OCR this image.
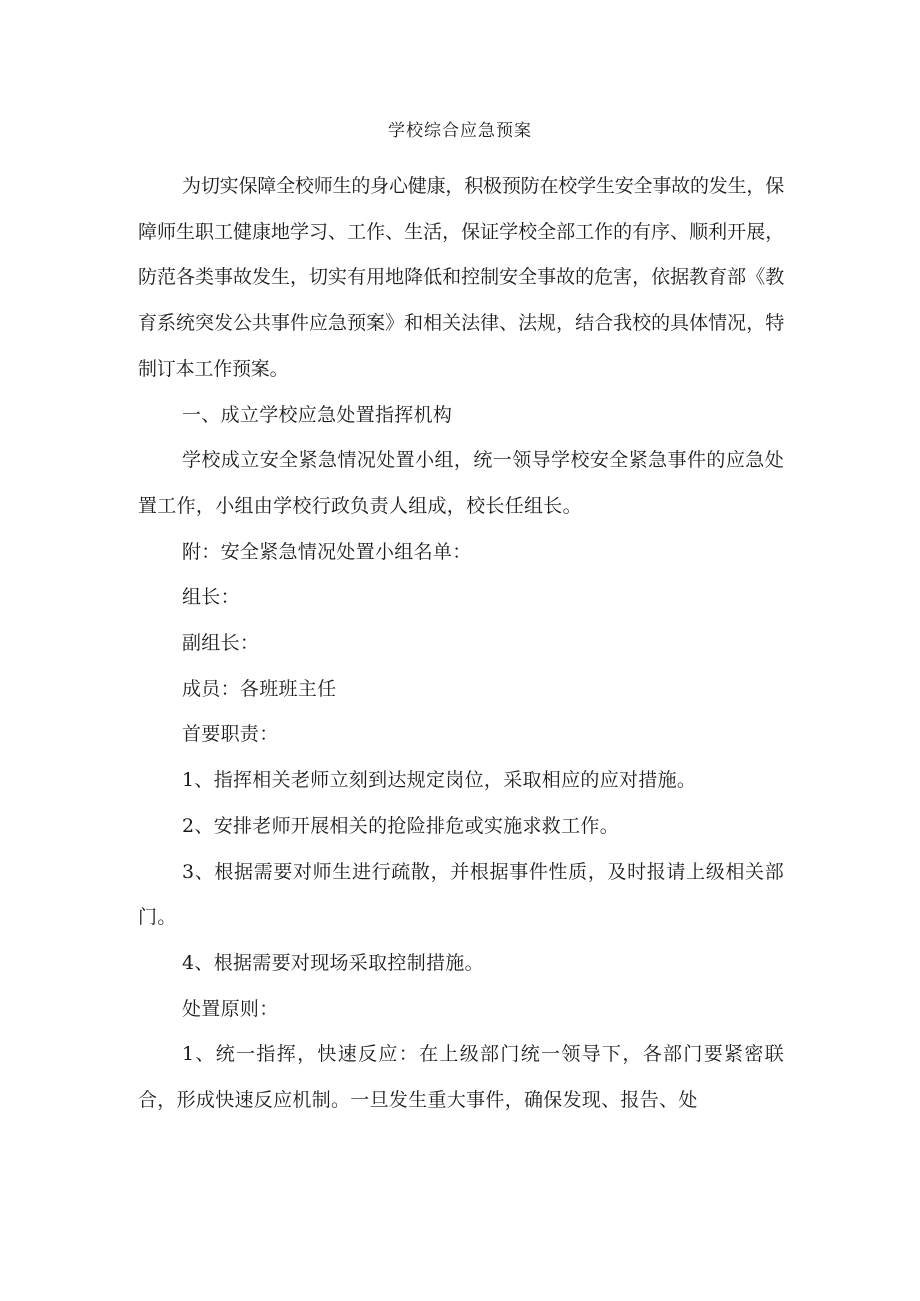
学校综合应急预案

为切实保障全校师生的身心健康，积极预防在校学生安全事故的发生，保障师生职工健康地学习、工作、生活，保证学校全部工作的有序、顺利开展，防范各类事故发生，切实有用地降低和控制安全事故的危害，依据教育部《教育系统突发公共事件应急预案》和相关法律、法规，结合我校的具体情况，特制订本工作预案。

一、成立学校应急处置指挥机构

学校成立安全紧急情况处置小组，统一领导学校安全紧急事件的应急处置工作，小组由学校行政负责人组成，校长任组长。

附：安全紧急情况处置小组名单：

组长：

副组长：

成员：各班班主任

首要职责：

1、指挥相关老师立刻到达规定岗位，采取相应的应对措施。

2、安排老师开展相关的抢险排危或实施求救工作。

3、根据需要对师生进行疏散，并根据事件性质，及时报请上级相关部门。

4、根据需要对现场采取控制措施。

处置原则：

1、统一指挥，快速反应：在上级部门统一领导下，各部门要紧密联合，形成快速反应机制。一旦发生重大事件，确保发现、报告、处
